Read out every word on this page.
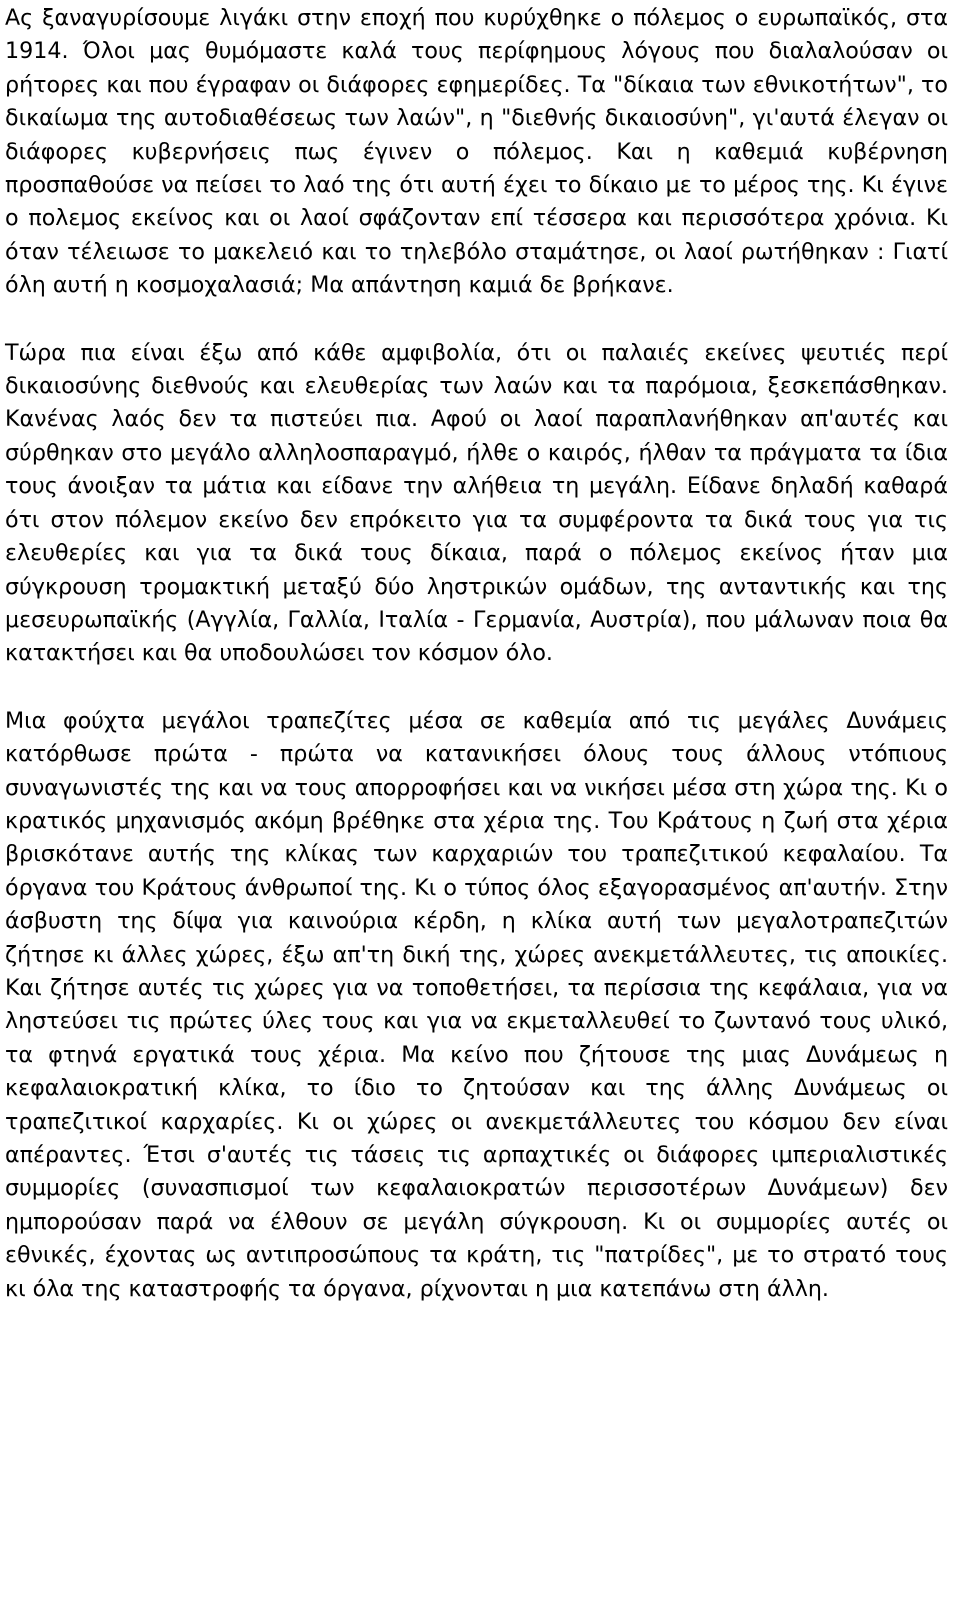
Ας ξαναγυρίσουμε λιγάκι στην εποχή που κυρύχθηκε ο πόλεμος ο ευρωπαϊκός, στα 1914. Όλοι μας θυμόμαστε καλά τους περίφημους λόγους που διαλαλούσαν οι ρήτορες και που έγραφαν οι διάφορες εφημερίδες. Τα "δίκαια των εθνικοτήτων", το δικαίωμα της αυτοδιαθέσεως των λαών", η "διεθνής δικαιοσύνη", γι'αυτά έλεγαν οι διάφορες κυβερνήσεις πως έγινεν ο πόλεμος. Και η καθεμιά κυβέρνηση προσπαθούσε να πείσει το λαό της ότι αυτή έχει το δίκαιο με το μέρος της. Κι έγινε ο πολεμος εκείνος και οι λαοί σφάζονταν επί τέσσερα και περισσότερα χρόνια. Κι όταν τέλειωσε το μακελειό και το τηλεβόλο σταμάτησε, οι λαοί ρωτήθηκαν : Γιατί όλη αυτή η κοσμοχαλασιά; Μα απάντηση καμιά δε βρήκανε.

Τώρα πια είναι έξω από κάθε αμφιβολία, ότι οι παλαιές εκείνες ψευτιές περί δικαιοσύνης διεθνούς και ελευθερίας των λαών και τα παρόμοια, ξεσκεπάσθηκαν. Κανένας λαός δεν τα πιστεύει πια. Αφού οι λαοί παραπλανήθηκαν απ'αυτές και σύρθηκαν στο μεγάλο αλληλοσπαραγμό, ήλθε ο καιρός, ήλθαν τα πράγματα τα ίδια τους άνοιξαν τα μάτια και είδανε την αλήθεια τη μεγάλη. Είδανε δηλαδή καθαρά ότι στον πόλεμον εκείνο δεν επρόκειτο για τα συμφέροντα τα δικά τους για τις ελευθερίες και για τα δικά τους δίκαια, παρά ο πόλεμος εκείνος ήταν μια σύγκρουση τρομακτική μεταξύ δύο ληστρικών ομάδων, της ανταντικής και της μεσευρωπαϊκής (Αγγλία, Γαλλία, Ιταλία - Γερμανία, Αυστρία), που μάλωναν ποια θα κατακτήσει και θα υποδουλώσει τον κόσμον όλο.

Μια φούχτα μεγάλοι τραπεζίτες μέσα σε καθεμία από τις μεγάλες Δυνάμεις κατόρθωσε πρώτα - πρώτα να κατανικήσει όλους τους άλλους ντόπιους συναγωνιστές της και να τους απορροφήσει και να νικήσει μέσα στη χώρα της. Κι ο κρατικός μηχανισμός ακόμη βρέθηκε στα χέρια της. Του Κράτους η ζωή στα χέρια βρισκότανε αυτής της κλίκας των καρχαριών του τραπεζιτικού κεφαλαίου. Τα όργανα του Κράτους άνθρωποί της. Κι ο τύπος όλος εξαγορασμένος απ'αυτήν. Στην άσβυστη της δίψα για καινούρια κέρδη, η κλίκα αυτή των μεγαλοτραπεζιτών ζήτησε κι άλλες χώρες, έξω απ'τη δική της, χώρες ανεκμετάλλευτες, τις αποικίες. Και ζήτησε αυτές τις χώρες για να τοποθετήσει, τα περίσσια της κεφάλαια, για να ληστεύσει τις πρώτες ύλες τους και για να εκμεταλλευθεί το ζωντανό τους υλικό, τα φτηνά εργατικά τους χέρια. Μα κείνο που ζήτουσε της μιας Δυνάμεως η κεφαλαιοκρατική κλίκα, το ίδιο το ζητούσαν και της άλλης Δυνάμεως οι τραπεζιτικοί καρχαρίες. Κι οι χώρες οι ανεκμετάλλευτες του κόσμου δεν είναι απέραντες. Έτσι σ'αυτές τις τάσεις τις αρπαχτικές οι διάφορες ιμπεριαλιστικές συμμορίες (συνασπισμοί των κεφαλαιοκρατών περισσοτέρων Δυνάμεων) δεν ημπορούσαν παρά να έλθουν σε μεγάλη σύγκρουση. Κι οι συμμορίες αυτές οι εθνικές, έχοντας ως αντιπροσώπους τα κράτη, τις "πατρίδες", με το στρατό τους κι όλα της καταστροφής τα όργανα, ρίχνονται η μια κατεπάνω στη άλλη.
